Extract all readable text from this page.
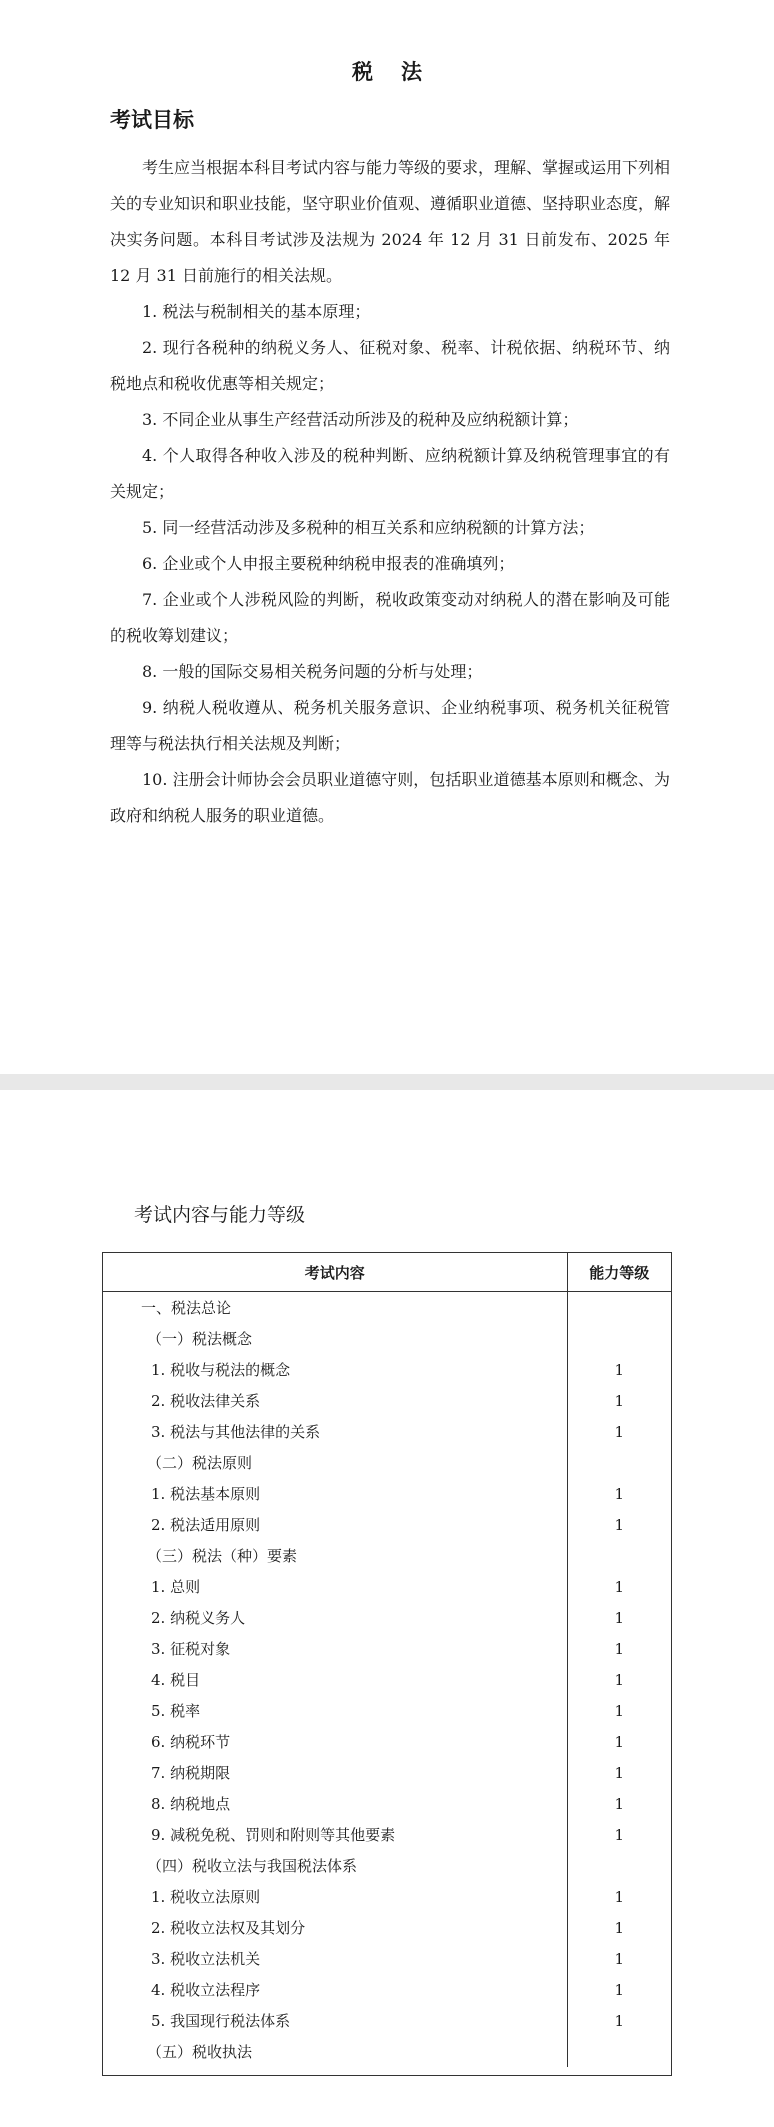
税法
考试目标

考生应当根据本科目考试内容与能力等级的要求，理解、掌握或运用下列相关的专业知识和职业技能，坚守职业价值观、遵循职业道德、坚持职业态度，解决实务问题。本科目考试涉及法规为 2024 年 12 月 31 日前发布、2025 年 12 月 31 日前施行的相关法规。

1. 税法与税制相关的基本原理；

2. 现行各税种的纳税义务人、征税对象、税率、计税依据、纳税环节、纳税地点和税收优惠等相关规定；

3. 不同企业从事生产经营活动所涉及的税种及应纳税额计算；

4. 个人取得各种收入涉及的税种判断、应纳税额计算及纳税管理事宜的有关规定；

5. 同一经营活动涉及多税种的相互关系和应纳税额的计算方法；

6. 企业或个人申报主要税种纳税申报表的准确填列；

7. 企业或个人涉税风险的判断，税收政策变动对纳税人的潜在影响及可能的税收筹划建议；

8. 一般的国际交易相关税务问题的分析与处理；

9. 纳税人税收遵从、税务机关服务意识、企业纳税事项、税务机关征税管理等与税法执行相关法规及判断；

10. 注册会计师协会会员职业道德守则，包括职业道德基本原则和概念、为政府和纳税人服务的职业道德。

考试内容与能力等级
考试内容	能力等级
一、税法总论	
（一）税法概念	
1. 税收与税法的概念	1
2. 税收法律关系	1
3. 税法与其他法律的关系	1
（二）税法原则	
1. 税法基本原则	1
2. 税法适用原则	1
（三）税法（种）要素	
1. 总则	1
2. 纳税义务人	1
3. 征税对象	1
4. 税目	1
5. 税率	1
6. 纳税环节	1
7. 纳税期限	1
8. 纳税地点	1
9. 减税免税、罚则和附则等其他要素	1
（四）税收立法与我国税法体系	
1. 税收立法原则	1
2. 税收立法权及其划分	1
3. 税收立法机关	1
4. 税收立法程序	1
5. 我国现行税法体系	1
（五）税收执法	
